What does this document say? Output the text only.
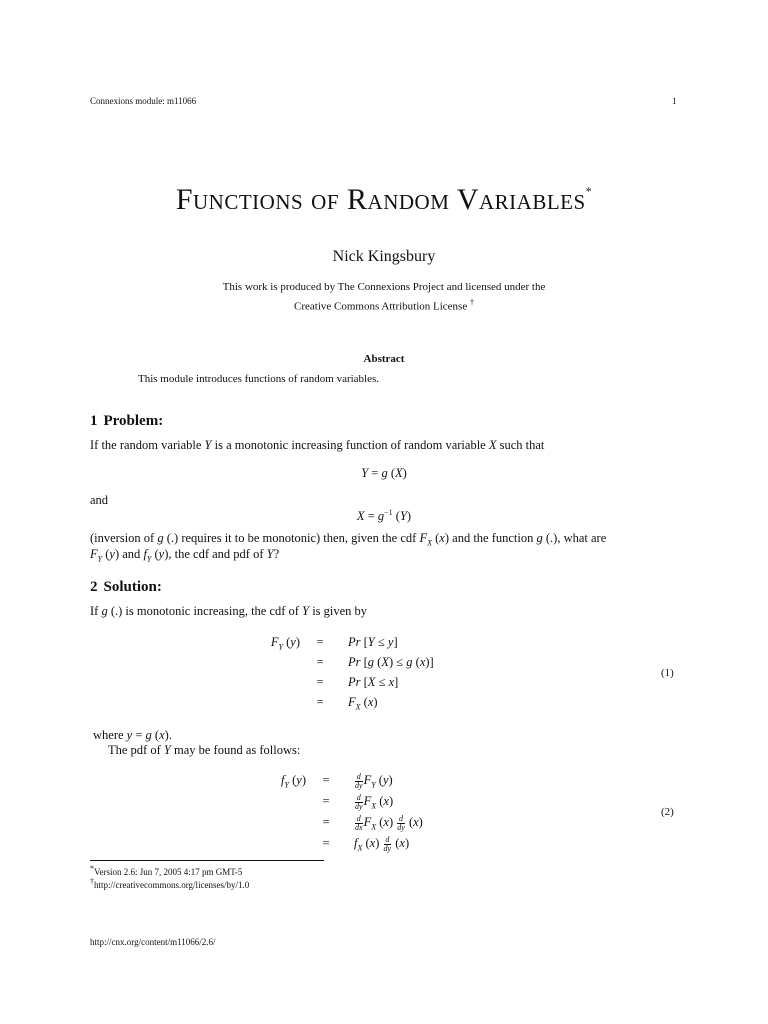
Connexions module: m11066	1
Functions of Random Variables*
Nick Kingsbury
This work is produced by The Connexions Project and licensed under the
Creative Commons Attribution License †
Abstract
This module introduces functions of random variables.
1 Problem:
If the random variable Y is a monotonic increasing function of random variable X such that
Y = g (X)
and
$X = g^{-1}$ (Y)
(inversion of g (.) requires it to be monotonic) then, given the cdf $F_X$ (x) and the function g (.), what are
$F_Y$ (y) and $f_Y$ (y), the cdf and pdf of Y?
2 Solution:
If g (.) is monotonic increasing, the cdf of Y is given by
$F_Y$ (y)	=	Pr [Y ≤ y]
=	Pr [g (X) ≤ g (x)]
=	Pr [X ≤ x]
=	$F_X$ (x)
(1)
where y = g (x).
The pdf of Y may be found as follows:
$f_Y$ (y)	=	$\frac{d}{dy} F_Y$ (y)
=	$\frac{d}{dy} F_X$ (x)
=	$\frac{d}{dx} F_X$ $(x) \frac{d}{dy} (x)$
=	$f_X$ $(x) \frac{d}{dy} (x)$
(2)
*Version 2.6: Jun 7, 2005 4:17 pm GMT-5
†http://creativecommons.org/licenses/by/1.0
http://cnx.org/content/m11066/2.6/
